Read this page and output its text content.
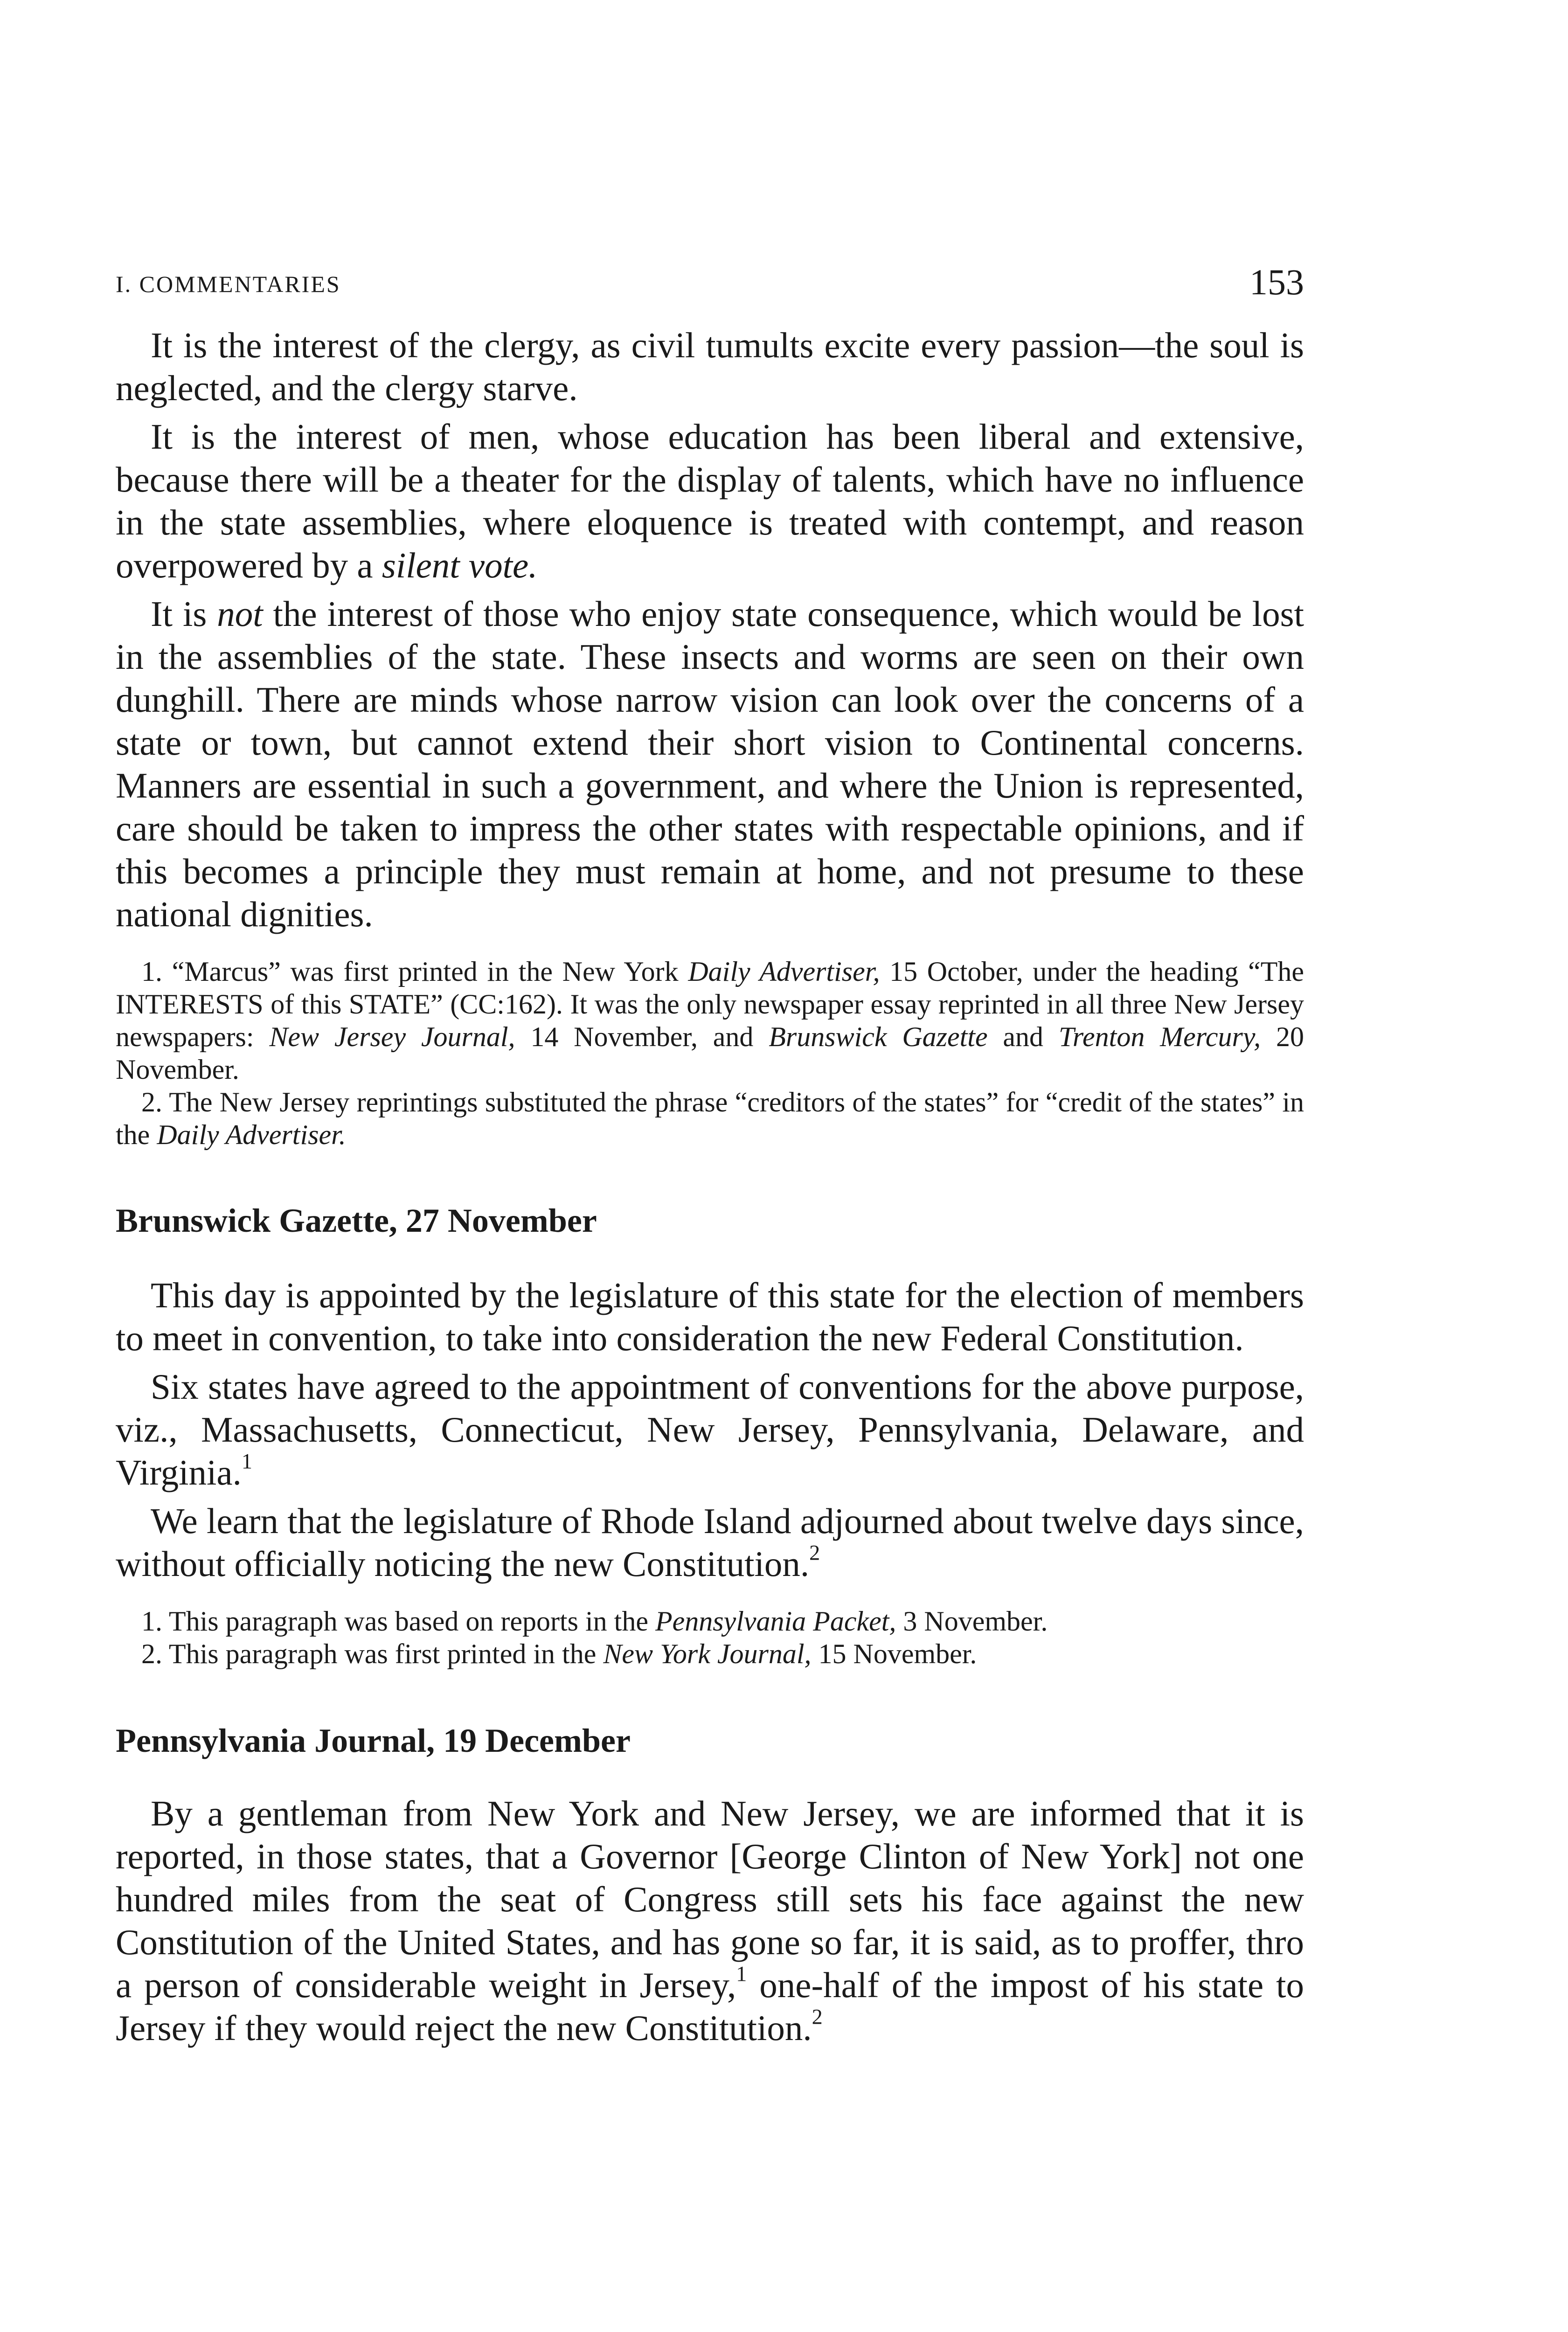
I. COMMENTARIES	153

It is the interest of the clergy, as civil tumults excite every passion—the soul is neglected, and the clergy starve.

It is the interest of men, whose education has been liberal and extensive, because there will be a theater for the display of talents, which have no influence in the state assemblies, where eloquence is treated with contempt, and reason overpowered by a silent vote.

It is not the interest of those who enjoy state consequence, which would be lost in the assemblies of the state. These insects and worms are seen on their own dunghill. There are minds whose narrow vision can look over the concerns of a state or town, but cannot extend their short vision to Continental concerns. Manners are essential in such a government, and where the Union is represented, care should be taken to impress the other states with respectable opinions, and if this becomes a principle they must remain at home, and not presume to these national dignities.

1. “Marcus” was first printed in the New York Daily Advertiser, 15 October, under the heading “The INTERESTS of this STATE” (CC:162). It was the only newspaper essay reprinted in all three New Jersey newspapers: New Jersey Journal, 14 November, and Brunswick Gazette and Trenton Mercury, 20 November.

2. The New Jersey reprintings substituted the phrase “creditors of the states” for “credit of the states” in the Daily Advertiser.

Brunswick Gazette, 27 November

This day is appointed by the legislature of this state for the election of members to meet in convention, to take into consideration the new Federal Constitution.

Six states have agreed to the appointment of conventions for the above purpose, viz., Massachusetts, Connecticut, New Jersey, Pennsylvania, Delaware, and Virginia.$^1$

We learn that the legislature of Rhode Island adjourned about twelve days since, without officially noticing the new Constitution.$^2$

1. This paragraph was based on reports in the Pennsylvania Packet, 3 November.

2. This paragraph was first printed in the New York Journal, 15 November.

Pennsylvania Journal, 19 December

By a gentleman from New York and New Jersey, we are informed that it is reported, in those states, that a Governor [George Clinton of New York] not one hundred miles from the seat of Congress still sets his face against the new Constitution of the United States, and has gone so far, it is said, as to proffer, thro a person of considerable weight in Jersey,$^1$ one-half of the impost of his state to Jersey if they would reject the new Constitution.$^2$
